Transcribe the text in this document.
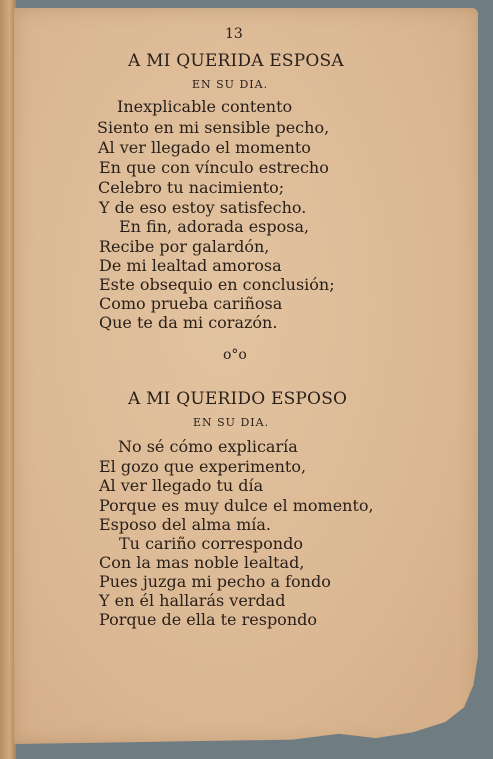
13
A MI QUERIDA ESPOSA
EN SU DIA.
Inexplicable contento
Siento en mi sensible pecho,
Al ver llegado el momento
En que con vínculo estrecho
Celebro tu nacimiento;
Y de eso estoy satisfecho.
En fin, adorada esposa,
Recibe por galardón,
De mi lealtad amorosa
Este obsequio en conclusión;
Como prueba cariñosa
Que te da mi corazón.
o°o
A MI QUERIDO ESPOSO
EN SU DIA.
No sé cómo explicaría
El gozo que experimento,
Al ver llegado tu día
Porque es muy dulce el momento,
Esposo del alma mía.
Tu cariño correspondo
Con la mas noble lealtad,
Pues juzga mi pecho a fondo
Y en él hallarás verdad
Porque de ella te respondo
